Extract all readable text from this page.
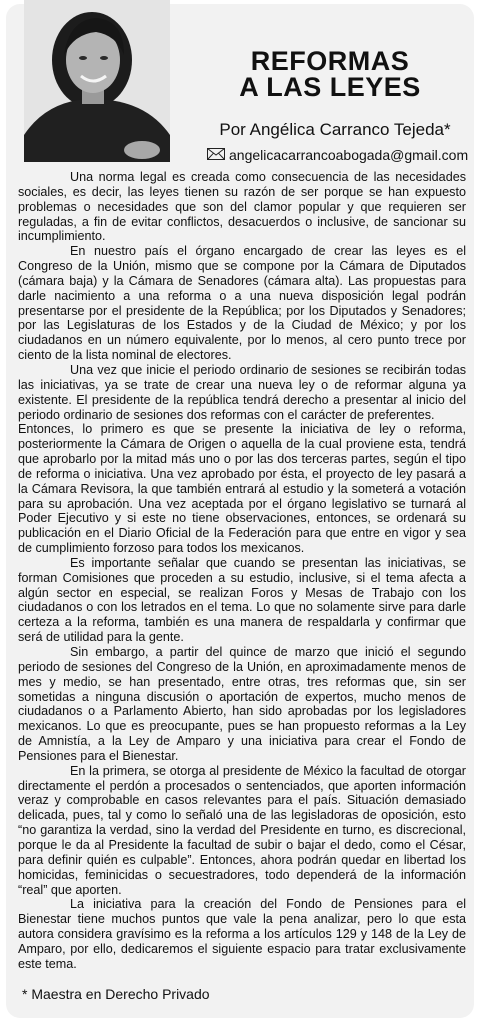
REFORMAS
A LAS LEYES
Por Angélica Carranco Tejeda*
angelicacarrancoabogada@gmail.com

Una norma legal es creada como consecuencia de las necesidades sociales, es decir, las leyes tienen su razón de ser porque se han expuesto problemas o necesidades que son del clamor popular y que requieren ser reguladas, a fin de evitar conflictos, desacuerdos o inclusive, de sancionar su incumplimiento.

En nuestro país el órgano encargado de crear las leyes es el Congreso de la Unión, mismo que se compone por la Cámara de Diputados (cámara baja) y la Cámara de Senadores (cámara alta). Las propuestas para darle nacimiento a una reforma o a una nueva disposición legal podrán presentarse por el presidente de la República; por los Diputados y Senadores; por las Legislaturas de los Estados y de la Ciudad de México; y por los ciudadanos en un número equivalente, por lo menos, al cero punto trece por ciento de la lista nominal de electores.

Una vez que inicie el periodo ordinario de sesiones se recibirán todas las iniciativas, ya se trate de crear una nueva ley o de reformar alguna ya existente. El presidente de la república tendrá derecho a presentar al inicio del periodo ordinario de sesiones dos reformas con el carácter de preferentes.

Entonces, lo primero es que se presente la iniciativa de ley o reforma, posteriormente la Cámara de Origen o aquella de la cual proviene esta, tendrá que aprobarlo por la mitad más uno o por las dos terceras partes, según el tipo de reforma o iniciativa. Una vez aprobado por ésta, el proyecto de ley pasará a la Cámara Revisora, la que también entrará al estudio y la someterá a votación para su aprobación. Una vez aceptada por el órgano legislativo se turnará al Poder Ejecutivo y si este no tiene observaciones, entonces, se ordenará su publicación en el Diario Oficial de la Federación para que entre en vigor y sea de cumplimiento forzoso para todos los mexicanos.

Es importante señalar que cuando se presentan las iniciativas, se forman Comisiones que proceden a su estudio, inclusive, si el tema afecta a algún sector en especial, se realizan Foros y Mesas de Trabajo con los ciudadanos o con los letrados en el tema. Lo que no solamente sirve para darle certeza a la reforma, también es una manera de respaldarla y confirmar que será de utilidad para la gente.

Sin embargo, a partir del quince de marzo que inició el segundo periodo de sesiones del Congreso de la Unión, en aproximadamente menos de mes y medio, se han presentado, entre otras, tres reformas que, sin ser sometidas a ninguna discusión o aportación de expertos, mucho menos de ciudadanos o a Parlamento Abierto, han sido aprobadas por los legisladores mexicanos. Lo que es preocupante, pues se han propuesto reformas a la Ley de Amnistía, a la Ley de Amparo y una iniciativa para crear el Fondo de Pensiones para el Bienestar.

En la primera, se otorga al presidente de México la facultad de otorgar directamente el perdón a procesados o sentenciados, que aporten información veraz y comprobable en casos relevantes para el país. Situación demasiado delicada, pues, tal y como lo señaló una de las legisladoras de oposición, esto “no garantiza la verdad, sino la verdad del Presidente en turno, es discrecional, porque le da al Presidente la facultad de subir o bajar el dedo, como el César, para definir quién es culpable”. Entonces, ahora podrán quedar en libertad los homicidas, feminicidas o secuestradores, todo dependerá de la información “real” que aporten.

La iniciativa para la creación del Fondo de Pensiones para el Bienestar tiene muchos puntos que vale la pena analizar, pero lo que esta autora considera gravísimo es la reforma a los artículos 129 y 148 de la Ley de Amparo, por ello, dedicaremos el siguiente espacio para tratar exclusivamente este tema.

* Maestra en Derecho Privado
